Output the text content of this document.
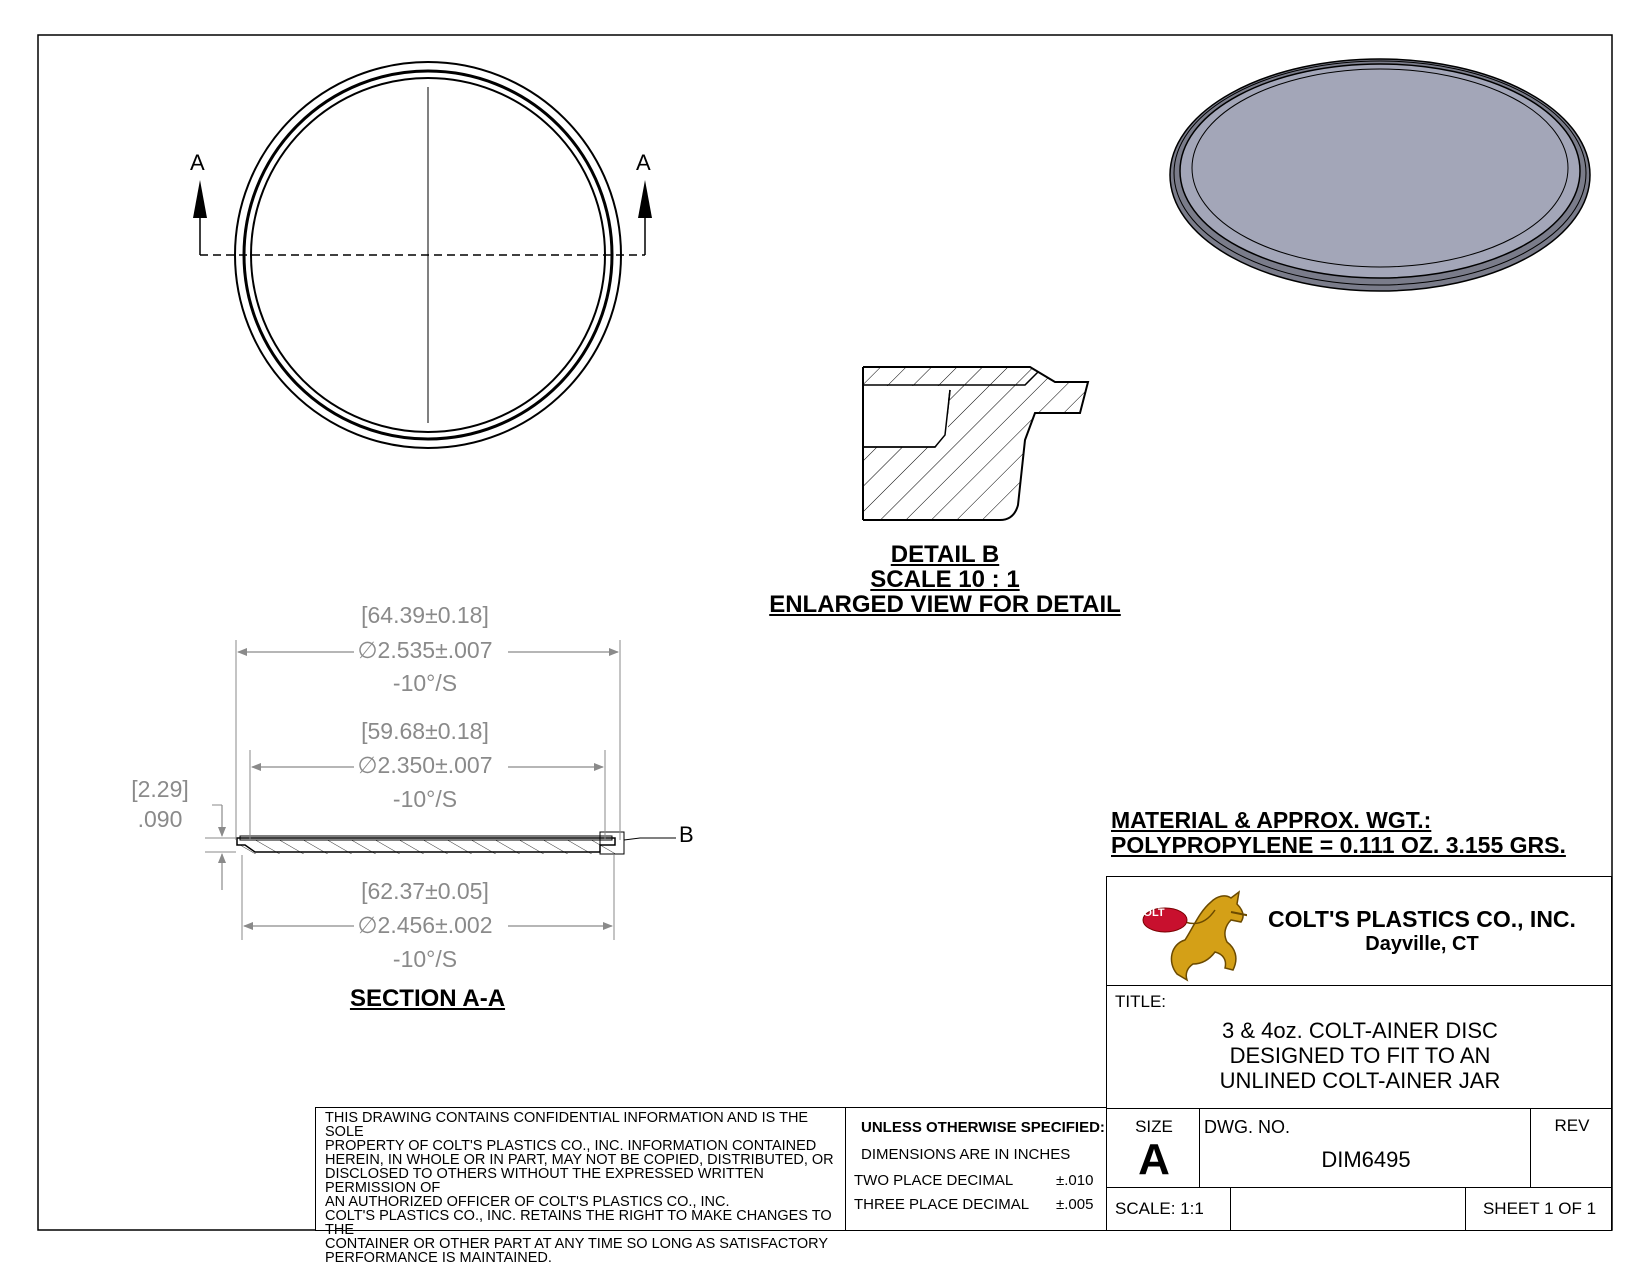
A	A
B
DETAIL B
SCALE 10 : 1
ENLARGED VIEW FOR DETAIL
SECTION A-A
[64.39±0.18]
∅2.535±.007
-10°/S
[59.68±0.18]
∅2.350±.007
-10°/S
[62.37±0.05]
∅2.456±.002
-10°/S
[2.29]
.090	MATERIAL & APPROX. WGT.:
POLYPROPYLENE = 0.111 OZ. 3.155 GRS.
THIS DRAWING CONTAINS CONFIDENTIAL INFORMATION AND IS THE SOLE
PROPERTY OF COLT'S PLASTICS CO., INC. INFORMATION CONTAINED
HEREIN, IN WHOLE OR IN PART, MAY NOT BE COPIED, DISTRIBUTED, OR
DISCLOSED TO OTHERS WITHOUT THE EXPRESSED WRITTEN PERMISSION OF
AN AUTHORIZED OFFICER OF COLT'S PLASTICS CO., INC.
COLT'S PLASTICS CO., INC. RETAINS THE RIGHT TO MAKE CHANGES TO THE
CONTAINER OR OTHER PART AT ANY TIME SO LONG AS SATISFACTORY
PERFORMANCE IS MAINTAINED.
UNLESS OTHERWISE SPECIFIED:
DIMENSIONS ARE IN INCHES
TWO PLACE DECIMAL	±.010
THREE PLACE DECIMAL ±.005
COLT	COLT'S PLASTICS CO., INC.
Dayville, CT
TITLE:
3 & 4oz. COLT-AINER DISC
DESIGNED TO FIT TO AN
UNLINED COLT-AINER JAR
SIZE
A
DWG. NO.
DIM6495
REV
SCALE: 1:1	SHEET 1 OF 1
